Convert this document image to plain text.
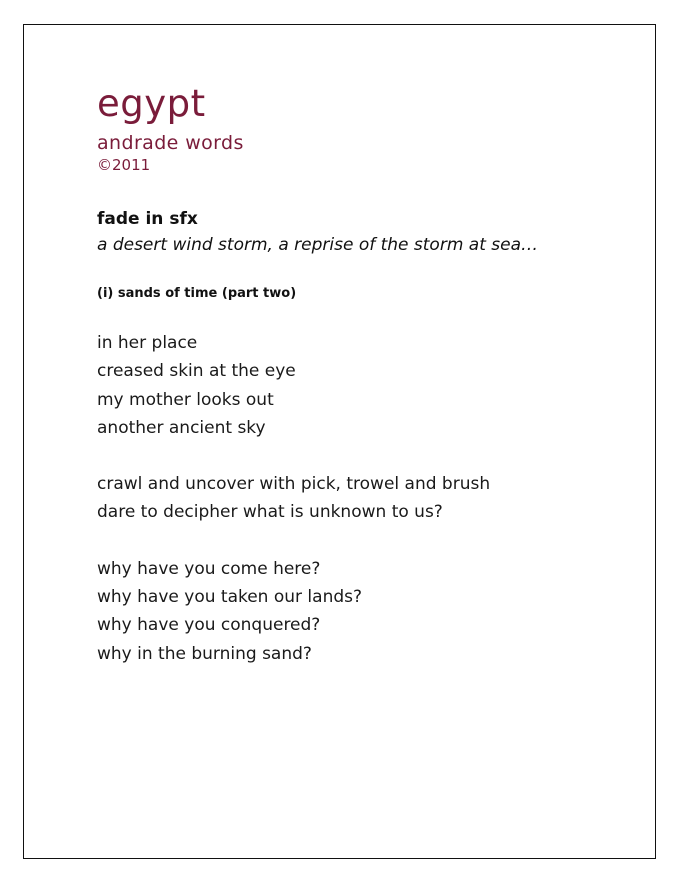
egypt
andrade words
©2011
fade in sfx
a desert wind storm, a reprise of the storm at sea…
(i) sands of time (part two)
in her place
creased skin at the eye
my mother looks out
another ancient sky
crawl and uncover with pick, trowel and brush
dare to decipher what is unknown to us?
why have you come here?
why have you taken our lands?
why have you conquered?
why in the burning sand?
